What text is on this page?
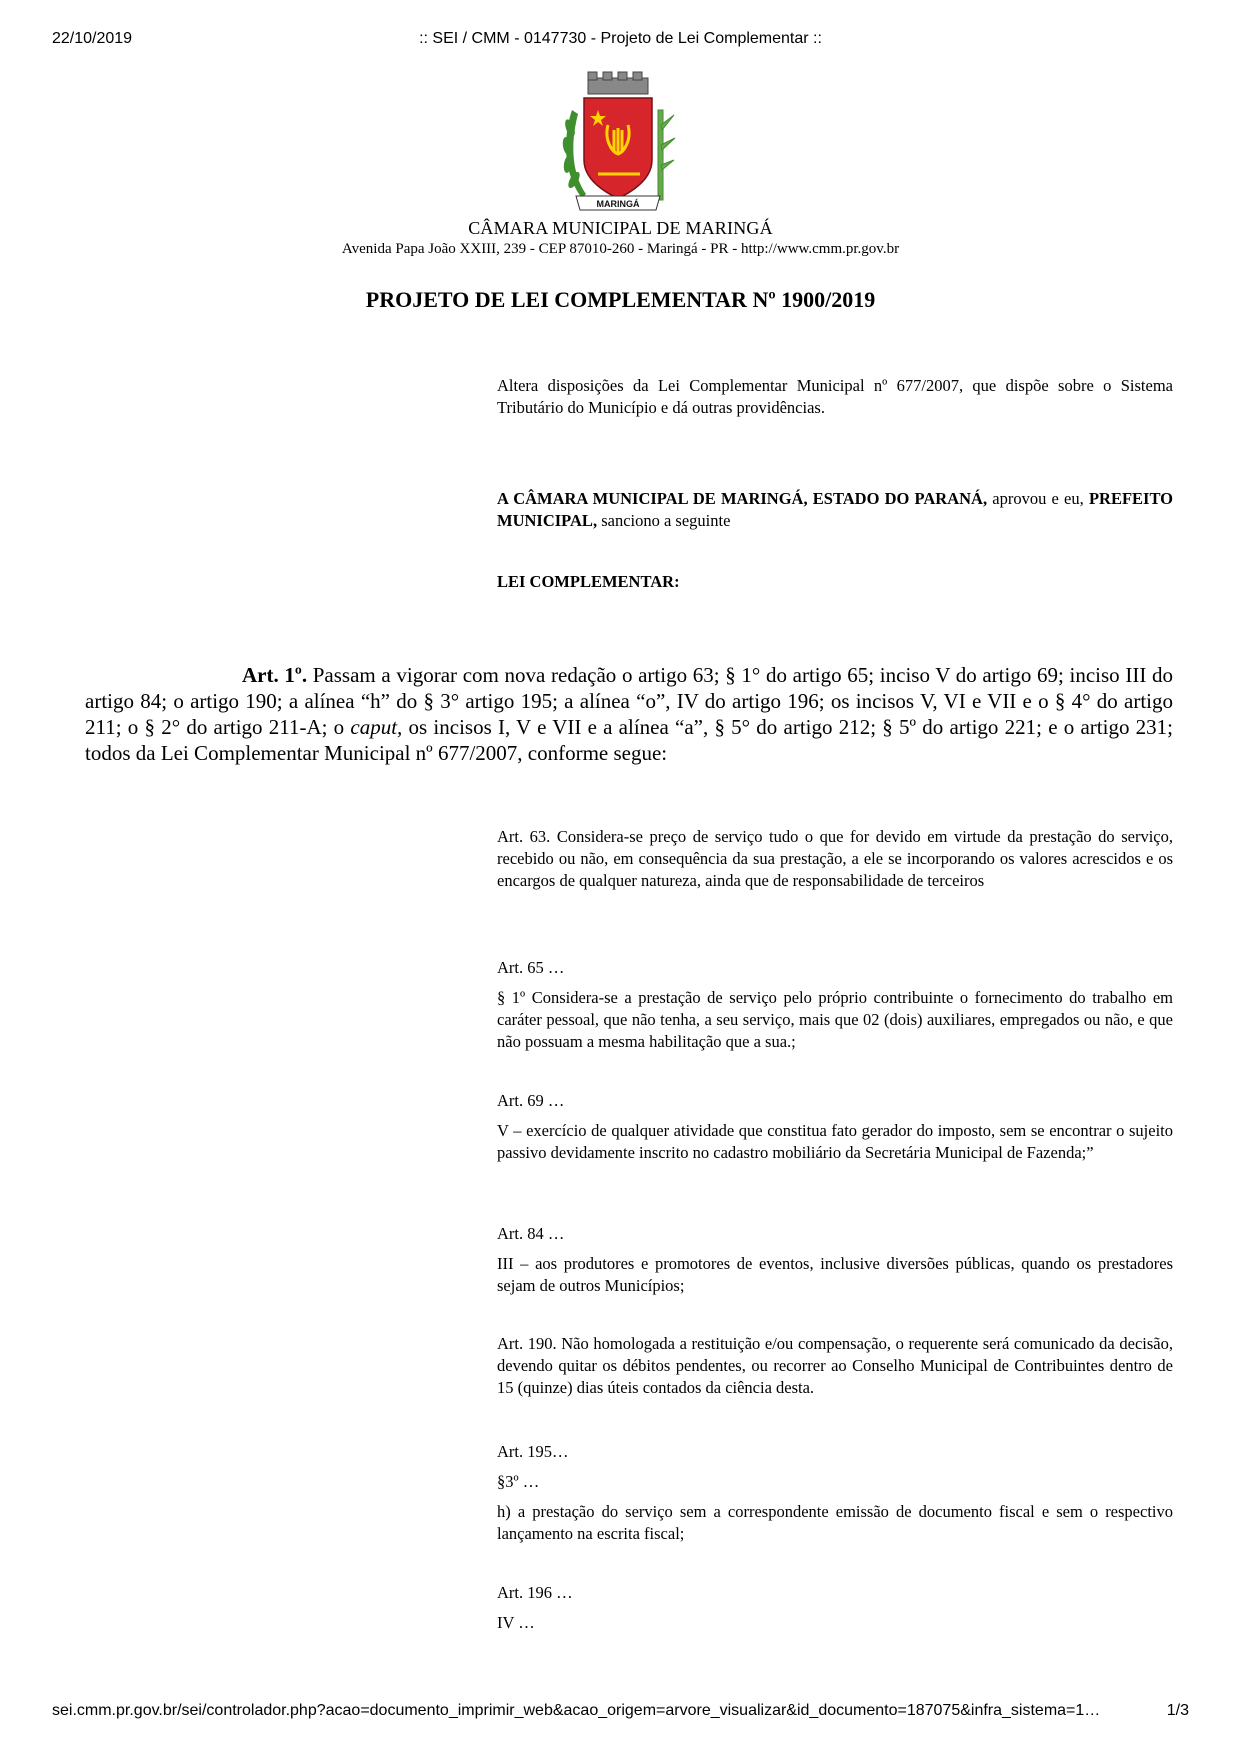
22/10/2019	:: SEI / CMM - 0147730 - Projeto de Lei Complementar ::
MARINGÁ
CÂMARA MUNICIPAL DE MARINGÁ
Avenida Papa João XXIII, 239 - CEP 87010-260 - Maringá - PR - http://www.cmm.pr.gov.br
PROJETO DE LEI COMPLEMENTAR Nº 1900/2019

Altera disposições da Lei Complementar Municipal nº 677/2007, que dispõe sobre o Sistema Tributário do Município e dá outras providências.

A CÂMARA MUNICIPAL DE MARINGÁ, ESTADO DO PARANÁ, aprovou e eu, PREFEITO MUNICIPAL, sanciono a seguinte

LEI COMPLEMENTAR:

Art. 1º. Passam a vigorar com nova redação o artigo 63; § 1° do artigo 65; inciso V do artigo 69; inciso III do artigo 84; o artigo 190; a alínea “h” do § 3° artigo 195; a alínea “o”, IV do artigo 196; os incisos V, VI e VII e o § 4° do artigo 211; o § 2° do artigo 211-A; o caput, os incisos I, V e VII e a alínea “a”, § 5° do artigo 212; § 5º do artigo 221; e o artigo 231; todos da Lei Complementar Municipal nº 677/2007, conforme segue:

Art. 63. Considera-se preço de serviço tudo o que for devido em virtude da prestação do serviço, recebido ou não, em consequência da sua prestação, a ele se incorporando os valores acrescidos e os encargos de qualquer natureza, ainda que de responsabilidade de terceiros

Art. 65 …

§ 1º Considera-se a prestação de serviço pelo próprio contribuinte o fornecimento do trabalho em caráter pessoal, que não tenha, a seu serviço, mais que 02 (dois) auxiliares, empregados ou não, e que não possuam a mesma habilitação que a sua.;

Art. 69 …

V – exercício de qualquer atividade que constitua fato gerador do imposto, sem se encontrar o sujeito passivo devidamente inscrito no cadastro mobiliário da Secretária Municipal de Fazenda;”

Art. 84 …

III – aos produtores e promotores de eventos, inclusive diversões públicas, quando os prestadores sejam de outros Municípios;

Art. 190. Não homologada a restituição e/ou compensação, o requerente será comunicado da decisão, devendo quitar os débitos pendentes, ou recorrer ao Conselho Municipal de Contribuintes dentro de 15 (quinze) dias úteis contados da ciência desta.

Art. 195…

§3º …

h) a prestação do serviço sem a correspondente emissão de documento fiscal e sem o respectivo lançamento na escrita fiscal;

Art. 196 …

IV …

sei.cmm.pr.gov.br/sei/controlador.php?acao=documento_imprimir_web&acao_origem=arvore_visualizar&id_documento=187075&infra_sistema=1…	1/3
